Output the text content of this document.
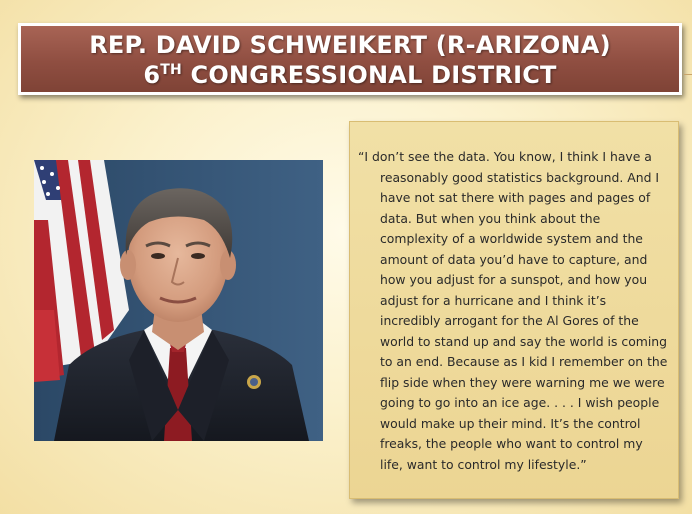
REP. DAVID SCHWEIKERT (R-ARIZONA)
6TH CONGRESSIONAL DISTRICT

“I don’t see the data. You know, I think I have a reasonably good statistics background. And I have not sat there with pages and pages of data. But when you think about the complexity of a worldwide system and the amount of data you’d have to capture, and how you adjust for a sunspot, and how you adjust for a hurricane and I think it’s incredibly arrogant for the Al Gores of the world to stand up and say the world is coming to an end. Because as I kid I remember on the flip side when they were warning me we were going to go into an ice age. . . . I wish people would make up their mind. It’s the control freaks, the people who want to control my life, want to control my lifestyle.”
